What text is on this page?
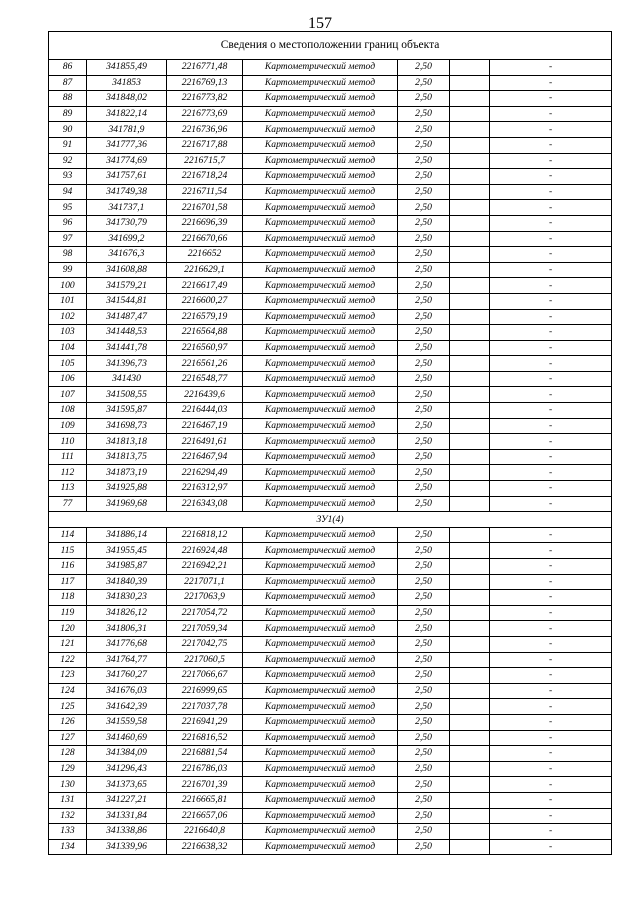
157
Сведения о местоположении границ объекта						
86	341855,49	2216771,48	Картометрический метод	2,50		-
87	341853	2216769,13	Картометрический метод	2,50		-
88	341848,02	2216773,82	Картометрический метод	2,50		-
89	341822,14	2216773,69	Картометрический метод	2,50		-
90	341781,9	2216736,96	Картометрический метод	2,50		-
91	341777,36	2216717,88	Картометрический метод	2,50		-
92	341774,69	2216715,7	Картометрический метод	2,50		-
93	341757,61	2216718,24	Картометрический метод	2,50		-
94	341749,38	2216711,54	Картометрический метод	2,50		-
95	341737,1	2216701,58	Картометрический метод	2,50		-
96	341730,79	2216696,39	Картометрический метод	2,50		-
97	341699,2	2216670,66	Картометрический метод	2,50		-
98	341676,3	2216652	Картометрический метод	2,50		-
99	341608,88	2216629,1	Картометрический метод	2,50		-
100	341579,21	2216617,49	Картометрический метод	2,50		-
101	341544,81	2216600,27	Картометрический метод	2,50		-
102	341487,47	2216579,19	Картометрический метод	2,50		-
103	341448,53	2216564,88	Картометрический метод	2,50		-
104	341441,78	2216560,97	Картометрический метод	2,50		-
105	341396,73	2216561,26	Картометрический метод	2,50		-
106	341430	2216548,77	Картометрический метод	2,50		-
107	341508,55	2216439,6	Картометрический метод	2,50		-
108	341595,87	2216444,03	Картометрический метод	2,50		-
109	341698,73	2216467,19	Картометрический метод	2,50		-
110	341813,18	2216491,61	Картометрический метод	2,50		-
111	341813,75	2216467,94	Картометрический метод	2,50		-
112	341873,19	2216294,49	Картометрический метод	2,50		-
113	341925,88	2216312,97	Картометрический метод	2,50		-
77	341969,68	2216343,08	Картометрический метод	2,50		-
ЗУ1(4)						
114	341886,14	2216818,12	Картометрический метод	2,50		-
115	341955,45	2216924,48	Картометрический метод	2,50		-
116	341985,87	2216942,21	Картометрический метод	2,50		-
117	341840,39	2217071,1	Картометрический метод	2,50		-
118	341830,23	2217063,9	Картометрический метод	2,50		-
119	341826,12	2217054,72	Картометрический метод	2,50		-
120	341806,31	2217059,34	Картометрический метод	2,50		-
121	341776,68	2217042,75	Картометрический метод	2,50		-
122	341764,77	2217060,5	Картометрический метод	2,50		-
123	341760,27	2217066,67	Картометрический метод	2,50		-
124	341676,03	2216999,65	Картометрический метод	2,50		-
125	341642,39	2217037,78	Картометрический метод	2,50		-
126	341559,58	2216941,29	Картометрический метод	2,50		-
127	341460,69	2216816,52	Картометрический метод	2,50		-
128	341384,09	2216881,54	Картометрический метод	2,50		-
129	341296,43	2216786,03	Картометрический метод	2,50		-
130	341373,65	2216701,39	Картометрический метод	2,50		-
131	341227,21	2216665,81	Картометрический метод	2,50		-
132	341331,84	2216657,06	Картометрический метод	2,50		-
133	341338,86	2216640,8	Картометрический метод	2,50		-
134	341339,96	2216638,32	Картометрический метод	2,50		-
